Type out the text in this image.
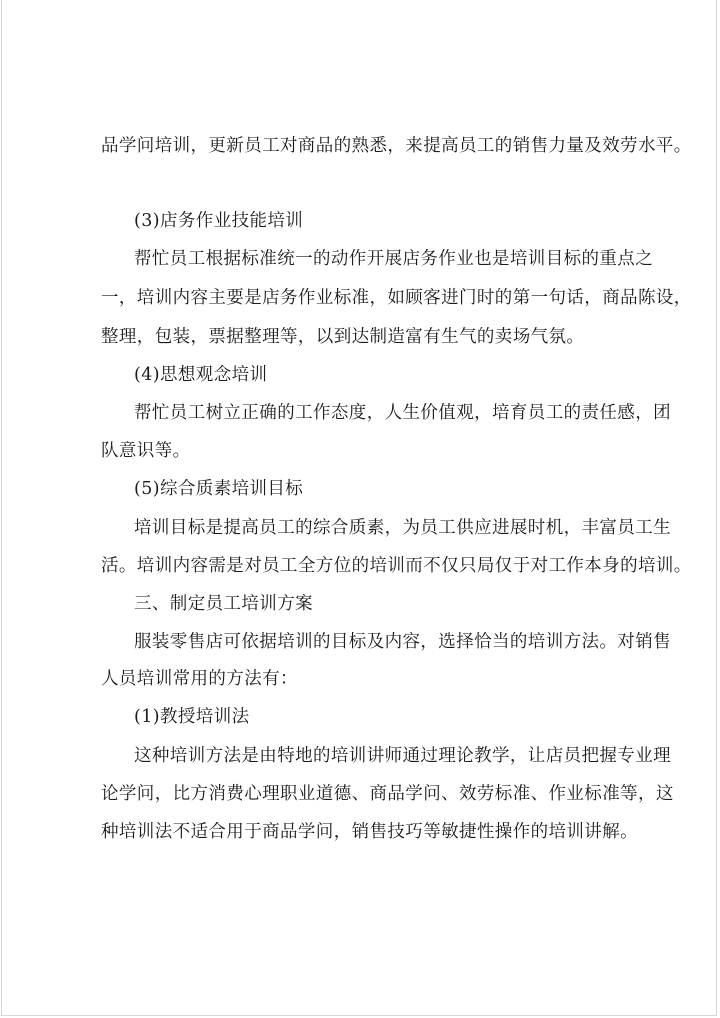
品学问培训，更新员工对商品的熟悉，来提高员工的销售力量及效劳水平。
(3)店务作业技能培训
帮忙员工根据标准统一的动作开展店务作业也是培训目标的重点之
一，培训内容主要是店务作业标准，如顾客进门时的第一句话，商品陈设，
整理，包装，票据整理等，以到达制造富有生气的卖场气氛。
(4)思想观念培训
帮忙员工树立正确的工作态度，人生价值观，培育员工的责任感，团
队意识等。
(5)综合质素培训目标
培训目标是提高员工的综合质素，为员工供应进展时机，丰富员工生
活。培训内容需是对员工全方位的培训而不仅只局仅于对工作本身的培训。
三、制定员工培训方案
服装零售店可依据培训的目标及内容，选择恰当的培训方法。对销售
人员培训常用的方法有：
(1)教授培训法
这种培训方法是由特地的培训讲师通过理论教学，让店员把握专业理
论学问，比方消费心理职业道德、商品学问、效劳标准、作业标准等，这
种培训法不适合用于商品学问，销售技巧等敏捷性操作的培训讲解。
